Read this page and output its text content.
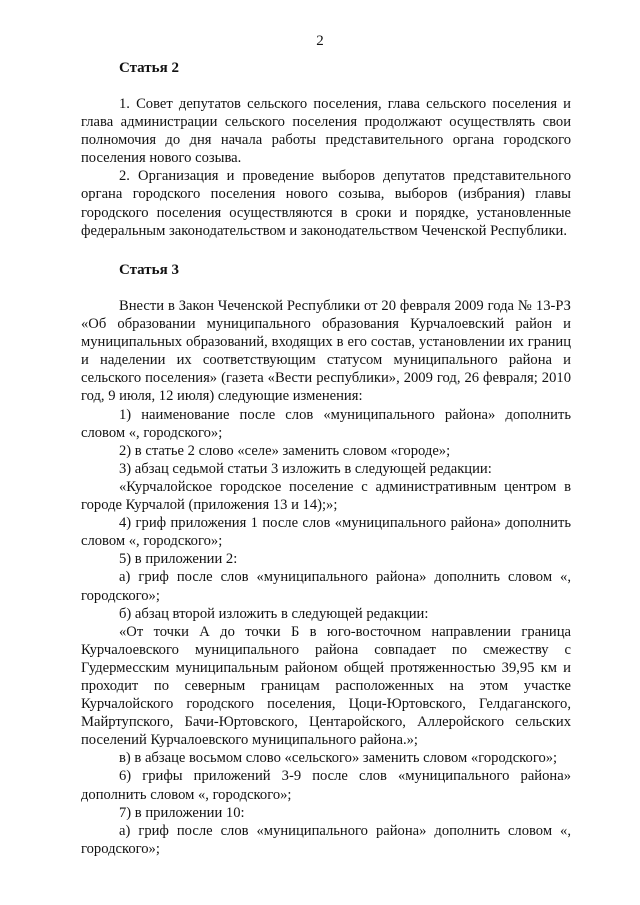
2
Статья 2

1. Совет депутатов сельского поселения, глава сельского поселения и глава администрации сельского поселения продолжают осуществлять свои полномочия до дня начала работы представительного органа городского поселения нового созыва.

2. Организация и проведение выборов депутатов представительного органа городского поселения нового созыва, выборов (избрания) главы городского поселения осуществляются в сроки и порядке, установленные федеральным законодательством и законодательством Чеченской Республики.

Статья 3

Внести в Закон Чеченской Республики от 20 февраля 2009 года № 13-РЗ «Об образовании муниципального образования Курчалоевский район и муниципальных образований, входящих в его состав, установлении их границ и наделении их соответствующим статусом муниципального района и сельского поселения» (газета «Вести республики», 2009 год, 26 февраля; 2010 год, 9 июля, 12 июля) следующие изменения:

1) наименование после слов «муниципального района» дополнить словом «, городского»;

2) в статье 2 слово «селе» заменить словом «городе»;

3) абзац седьмой статьи 3 изложить в следующей редакции:

«Курчалойское городское поселение с административным центром в городе Курчалой (приложения 13 и 14);»;

4) гриф приложения 1 после слов «муниципального района» дополнить словом «, городского»;

5) в приложении 2:

а) гриф после слов «муниципального района» дополнить словом «, городского»;

б) абзац второй изложить в следующей редакции:

«От точки А до точки Б в юго-восточном направлении граница Курчалоевского муниципального района совпадает по смежеству с Гудермесским муниципальным районом общей протяженностью 39,95 км и проходит по северным границам расположенных на этом участке Курчалойского городского поселения, Цоци-Юртовского, Гелдаганского, Майртупского, Бачи-Юртовского, Центаройского, Аллеройского сельских поселений Курчалоевского муниципального района.»;

в) в абзаце восьмом слово «сельского» заменить словом «городского»;

6) грифы приложений 3-9 после слов «муниципального района» дополнить словом «, городского»;

7) в приложении 10:

а) гриф после слов «муниципального района» дополнить словом «, городского»;
